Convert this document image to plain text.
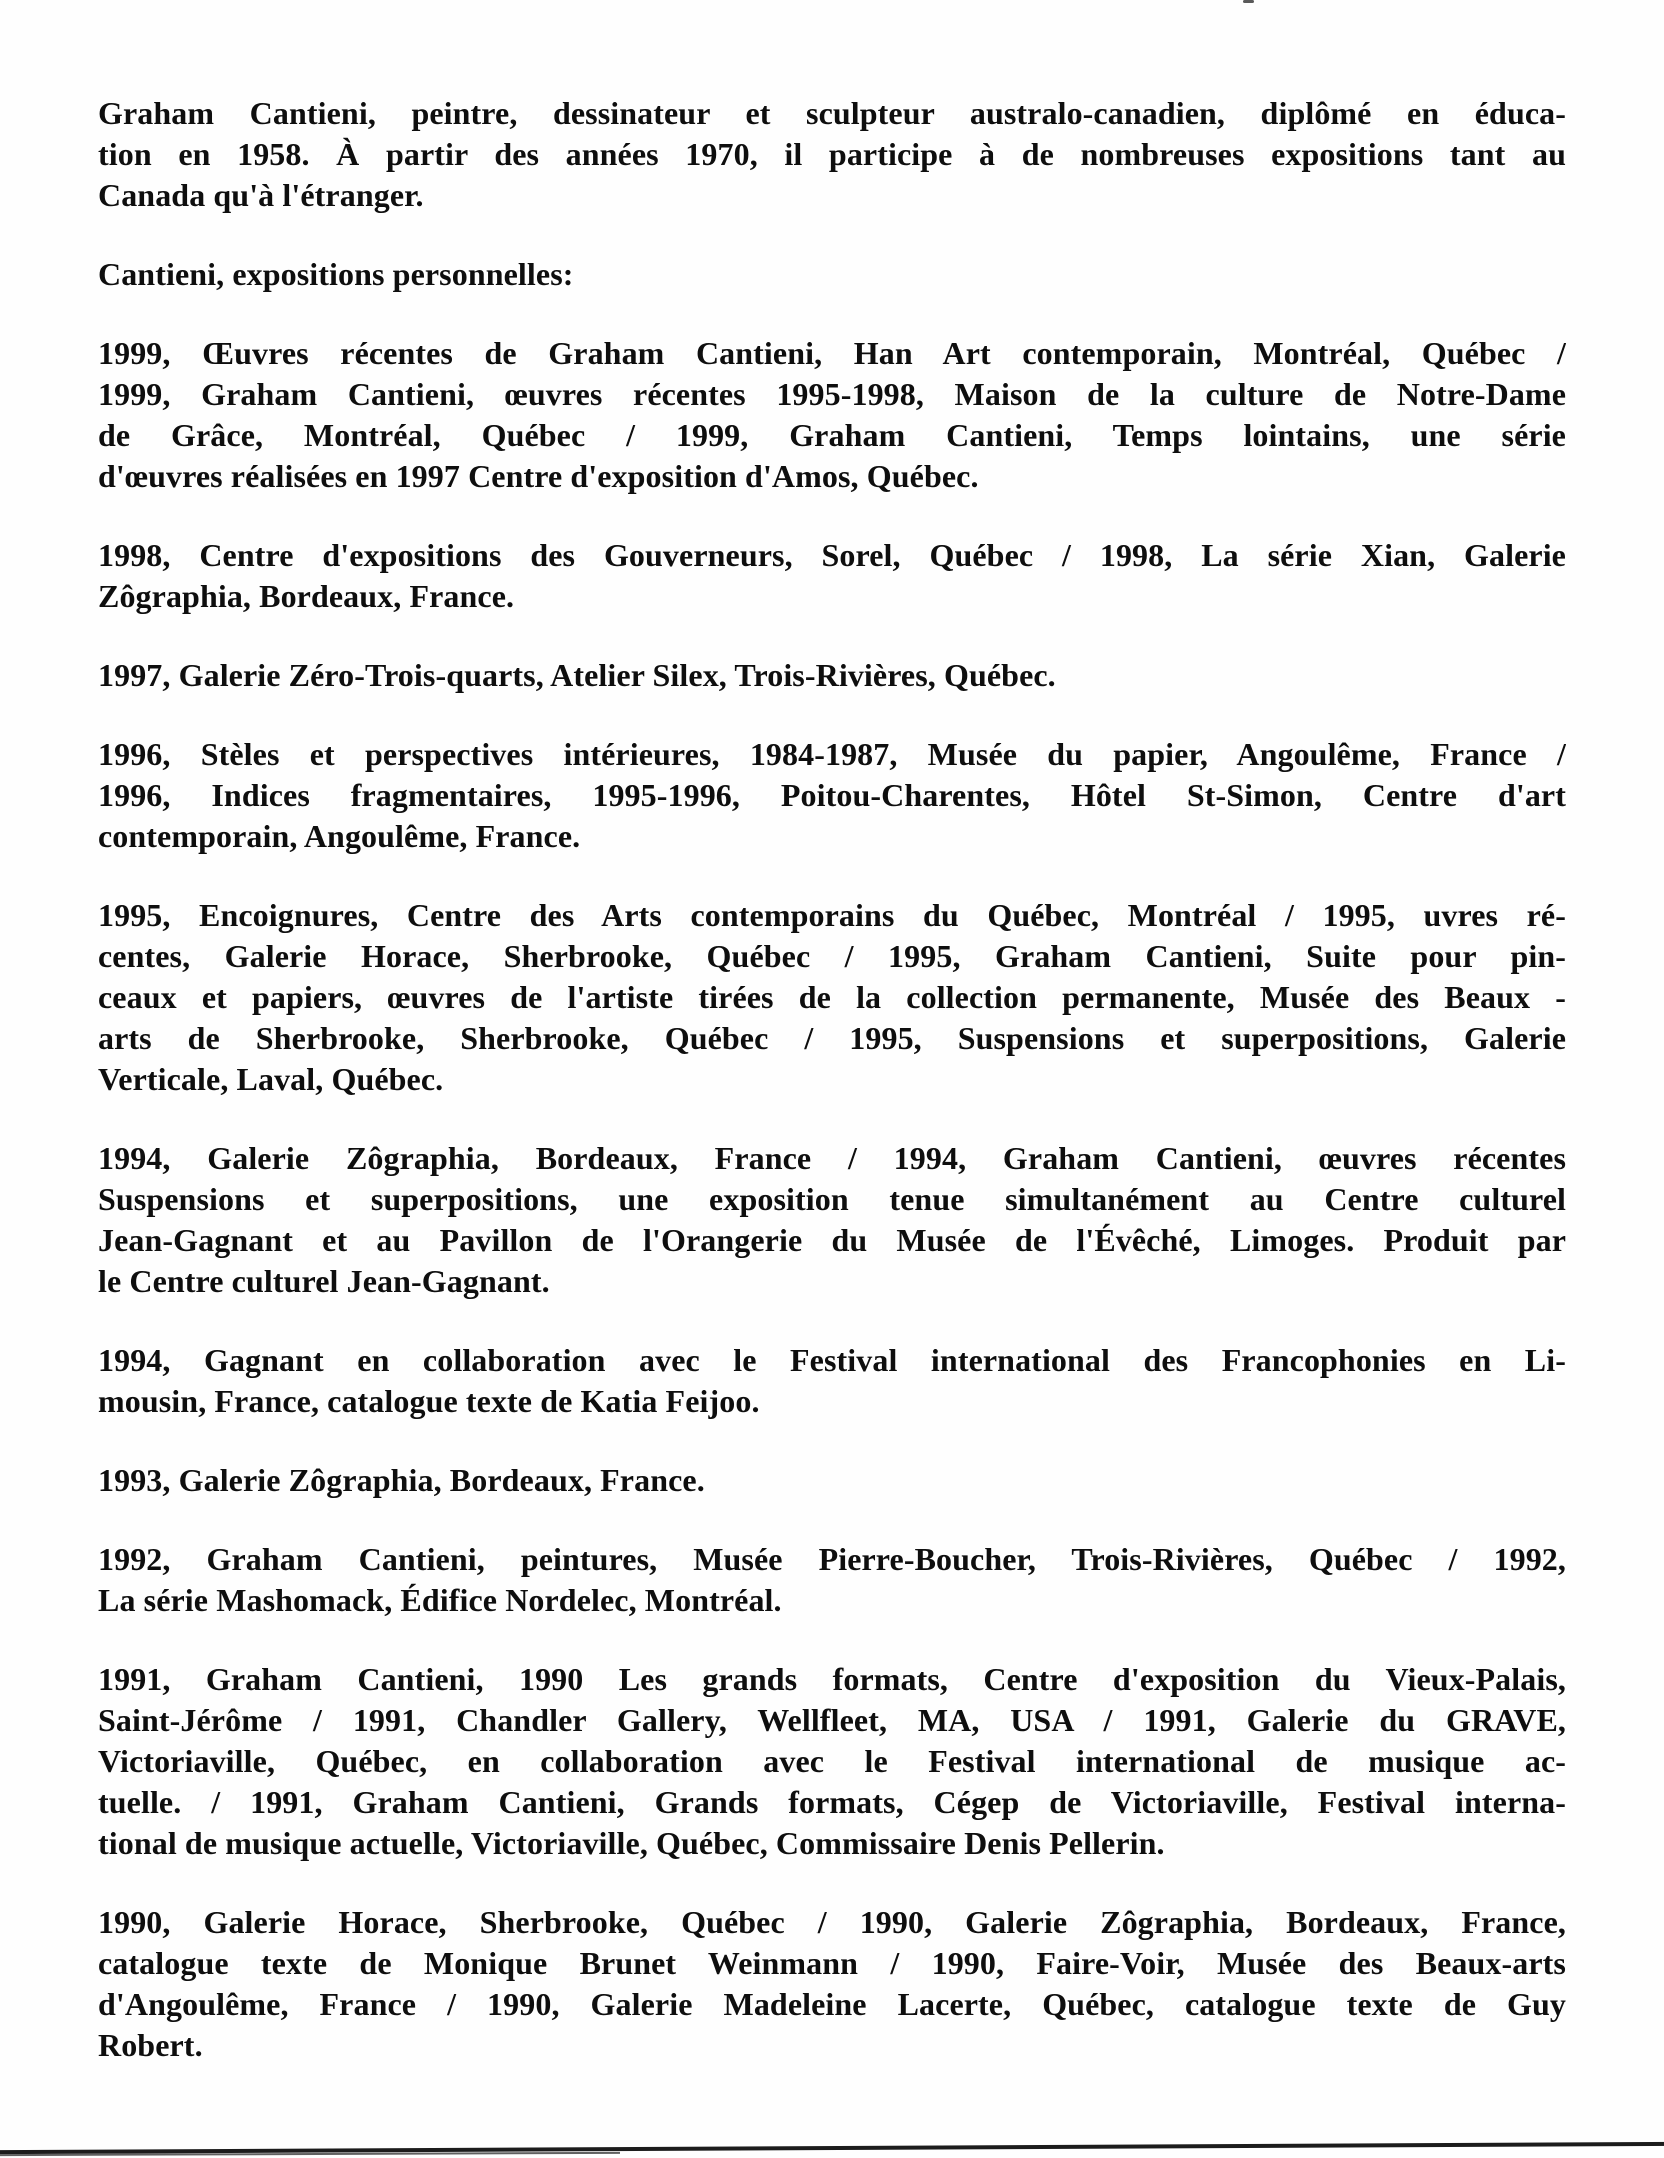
Graham Cantieni, peintre, dessinateur et sculpteur australo-canadien, diplômé en éduca-
tion en 1958. À partir des années 1970, il participe à de nombreuses expositions tant au
Canada qu'à l'étranger.

Cantieni, expositions personnelles:

1999, Œuvres récentes de Graham Cantieni, Han Art contemporain, Montréal, Québec /
1999, Graham Cantieni, œuvres récentes 1995-1998, Maison de la culture de Notre-Dame
de Grâce, Montréal, Québec / 1999, Graham Cantieni, Temps lointains, une série
d'œuvres réalisées en 1997 Centre d'exposition d'Amos, Québec.

1998, Centre d'expositions des Gouverneurs, Sorel, Québec / 1998, La série Xian, Galerie
Zôgraphia, Bordeaux, France.

1997, Galerie Zéro-Trois-quarts, Atelier Silex, Trois-Rivières, Québec.

1996, Stèles et perspectives intérieures, 1984-1987, Musée du papier, Angoulême, France /
1996, Indices fragmentaires, 1995-1996, Poitou-Charentes, Hôtel St-Simon, Centre d'art
contemporain, Angoulême, France.

1995, Encoignures, Centre des Arts contemporains du Québec, Montréal / 1995, uvres ré-
centes, Galerie Horace, Sherbrooke, Québec / 1995, Graham Cantieni, Suite pour pin-
ceaux et papiers, œuvres de l'artiste tirées de la collection permanente, Musée des Beaux -
arts de Sherbrooke, Sherbrooke, Québec / 1995, Suspensions et superpositions, Galerie
Verticale, Laval, Québec.

1994, Galerie Zôgraphia, Bordeaux, France / 1994, Graham Cantieni, œuvres récentes
Suspensions et superpositions, une exposition tenue simultanément au Centre culturel
Jean-Gagnant et au Pavillon de l'Orangerie du Musée de l'Évêché, Limoges. Produit par
le Centre culturel Jean-Gagnant.

1994, Gagnant en collaboration avec le Festival international des Francophonies en Li-
mousin, France, catalogue texte de Katia Feijoo.

1993, Galerie Zôgraphia, Bordeaux, France.

1992, Graham Cantieni, peintures, Musée Pierre-Boucher, Trois-Rivières, Québec / 1992,
La série Mashomack, Édifice Nordelec, Montréal.

1991, Graham Cantieni, 1990 Les grands formats, Centre d'exposition du Vieux-Palais,
Saint-Jérôme / 1991, Chandler Gallery, Wellfleet, MA, USA / 1991, Galerie du GRAVE,
Victoriaville, Québec, en collaboration avec le Festival international de musique ac-
tuelle. / 1991, Graham Cantieni, Grands formats, Cégep de Victoriaville, Festival interna-
tional de musique actuelle, Victoriaville, Québec, Commissaire Denis Pellerin.

1990, Galerie Horace, Sherbrooke, Québec / 1990, Galerie Zôgraphia, Bordeaux, France,
catalogue texte de Monique Brunet Weinmann / 1990, Faire-Voir, Musée des Beaux-arts
d'Angoulême, France / 1990, Galerie Madeleine Lacerte, Québec, catalogue texte de Guy
Robert.
